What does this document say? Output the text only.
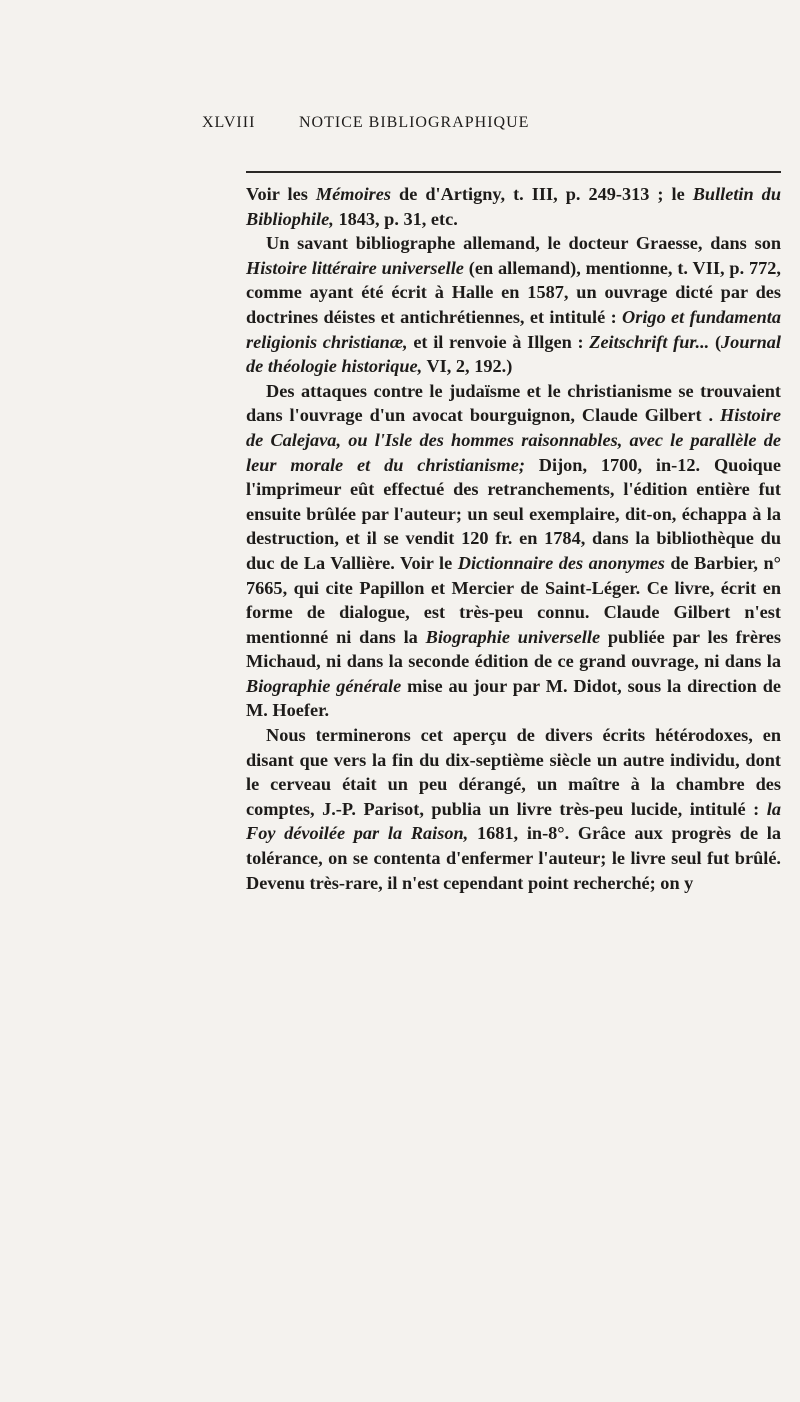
XLVIII	NOTICE BIBLIOGRAPHIQUE

Voir les Mémoires de d'Artigny, t. III, p. 249-313 ; le Bulletin du Bibliophile, 1843, p. 31, etc.

Un savant bibliographe allemand, le docteur Graesse, dans son Histoire littéraire universelle (en allemand), mentionne, t. VII, p. 772, comme ayant été écrit à Halle en 1587, un ouvrage dicté par des doctrines déistes et antichrétiennes, et intitulé : Origo et fundamenta religionis christianæ, et il renvoie à Illgen : Zeitschrift fur... (Journal de théologie historique, VI, 2, 192.)

Des attaques contre le judaïsme et le christianisme se trouvaient dans l'ouvrage d'un avocat bourguignon, Claude Gilbert . Histoire de Calejava, ou l'Isle des hommes raisonnables, avec le parallèle de leur morale et du christianisme; Dijon, 1700, in-12. Quoique l'imprimeur eût effectué des retranchements, l'édition entière fut ensuite brûlée par l'auteur; un seul exemplaire, dit-on, échappa à la destruction, et il se vendit 120 fr. en 1784, dans la bibliothèque du duc de La Vallière. Voir le Dictionnaire des anonymes de Barbier, n° 7665, qui cite Papillon et Mercier de Saint-Léger. Ce livre, écrit en forme de dialogue, est très-peu connu. Claude Gilbert n'est mentionné ni dans la Biographie universelle publiée par les frères Michaud, ni dans la seconde édition de ce grand ouvrage, ni dans la Biographie générale mise au jour par M. Didot, sous la direction de M. Hoefer.

Nous terminerons cet aperçu de divers écrits hétérodoxes, en disant que vers la fin du dix-septième siècle un autre individu, dont le cerveau était un peu dérangé, un maître à la chambre des comptes, J.-P. Parisot, publia un livre très-peu lucide, intitulé : la Foy dévoilée par la Raison, 1681, in-8°. Grâce aux progrès de la tolérance, on se contenta d'enfermer l'auteur; le livre seul fut brûlé. Devenu très-rare, il n'est cependant point recherché; on y
